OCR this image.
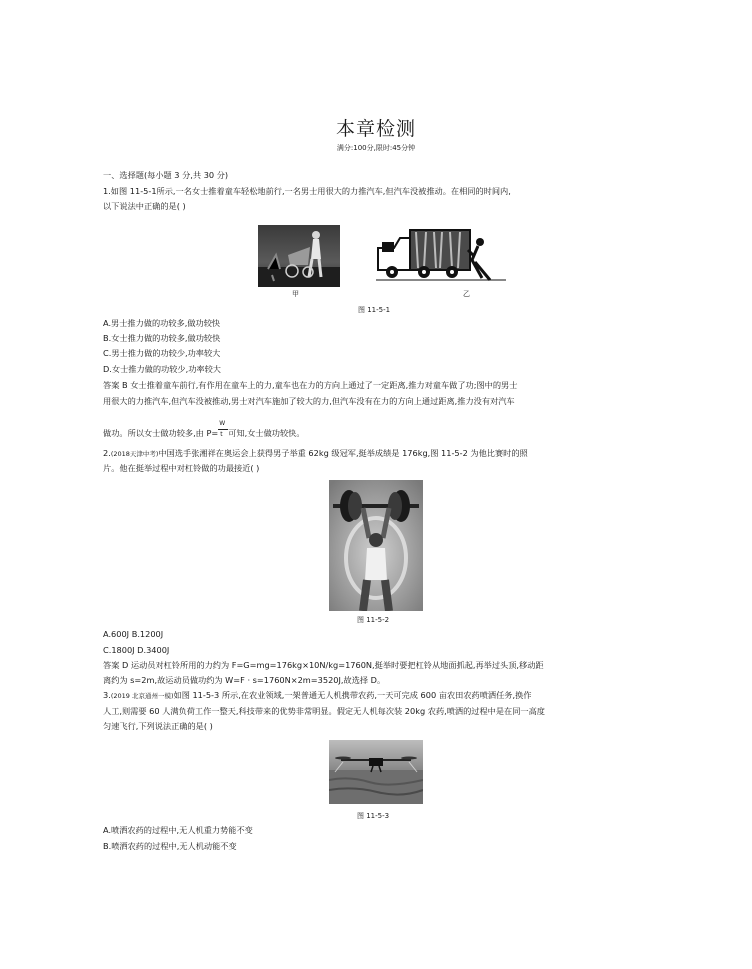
本章检测
满分:100分,限时:45分钟
一、选择题(每小题 3 分,共 30 分)
1.如图 11-5-1所示,一名女士推着童车轻松地前行,一名男士用很大的力推汽车,但汽车没被推动。在相同的时间内,
以下说法中正确的是( )
甲	乙
图 11-5-1
A.男士推力做的功较多,做功较快
B.女士推力做的功较多,做功较快
C.男士推力做的功较少,功率较大
D.女士推力做的功较少,功率较大
答案 B 女士推着童车前行,有作用在童车上的力,童车也在力的方向上通过了一定距离,推力对童车做了功;图中的男士
用很大的力推汽车,但汽车没被推动,男士对汽车施加了较大的力,但汽车没有在力的方向上通过距离,推力没有对汽车
做功。所以女士做功较多,由 $P= \frac{W}{t}$ 可知,女士做功较快。
2.(2018天津中考)中国选手张湘祥在奥运会上获得男子举重 62kg 级冠军,挺举成绩是 176kg,图 11-5-2 为他比赛时的照
片。他在挺举过程中对杠铃做的功最接近( )
图 11-5-2
A.600J B.1200J
C.1800J D.3400J
答案 D 运动员对杠铃所用的力约为 F=G=mg=176kg×10N/kg=1760N,挺举时要把杠铃从地面抓起,再举过头顶,移动距
离约为 s=2m,故运动员做功约为 W=F · s=1760N×2m=3520J,故选择 D。
3.(2019 北京通州一模)如图 11-5-3 所示,在农业领域,一架普通无人机携带农药,一天可完成 600 亩农田农药喷洒任务,换作
人工,则需要 60 人满负荷工作一整天,科技带来的优势非常明显。假定无人机每次装 20kg 农药,喷洒的过程中是在同一高度
匀速飞行,下列说法正确的是( )
图 11-5-3
A.喷洒农药的过程中,无人机重力势能不变
B.喷洒农药的过程中,无人机动能不变
